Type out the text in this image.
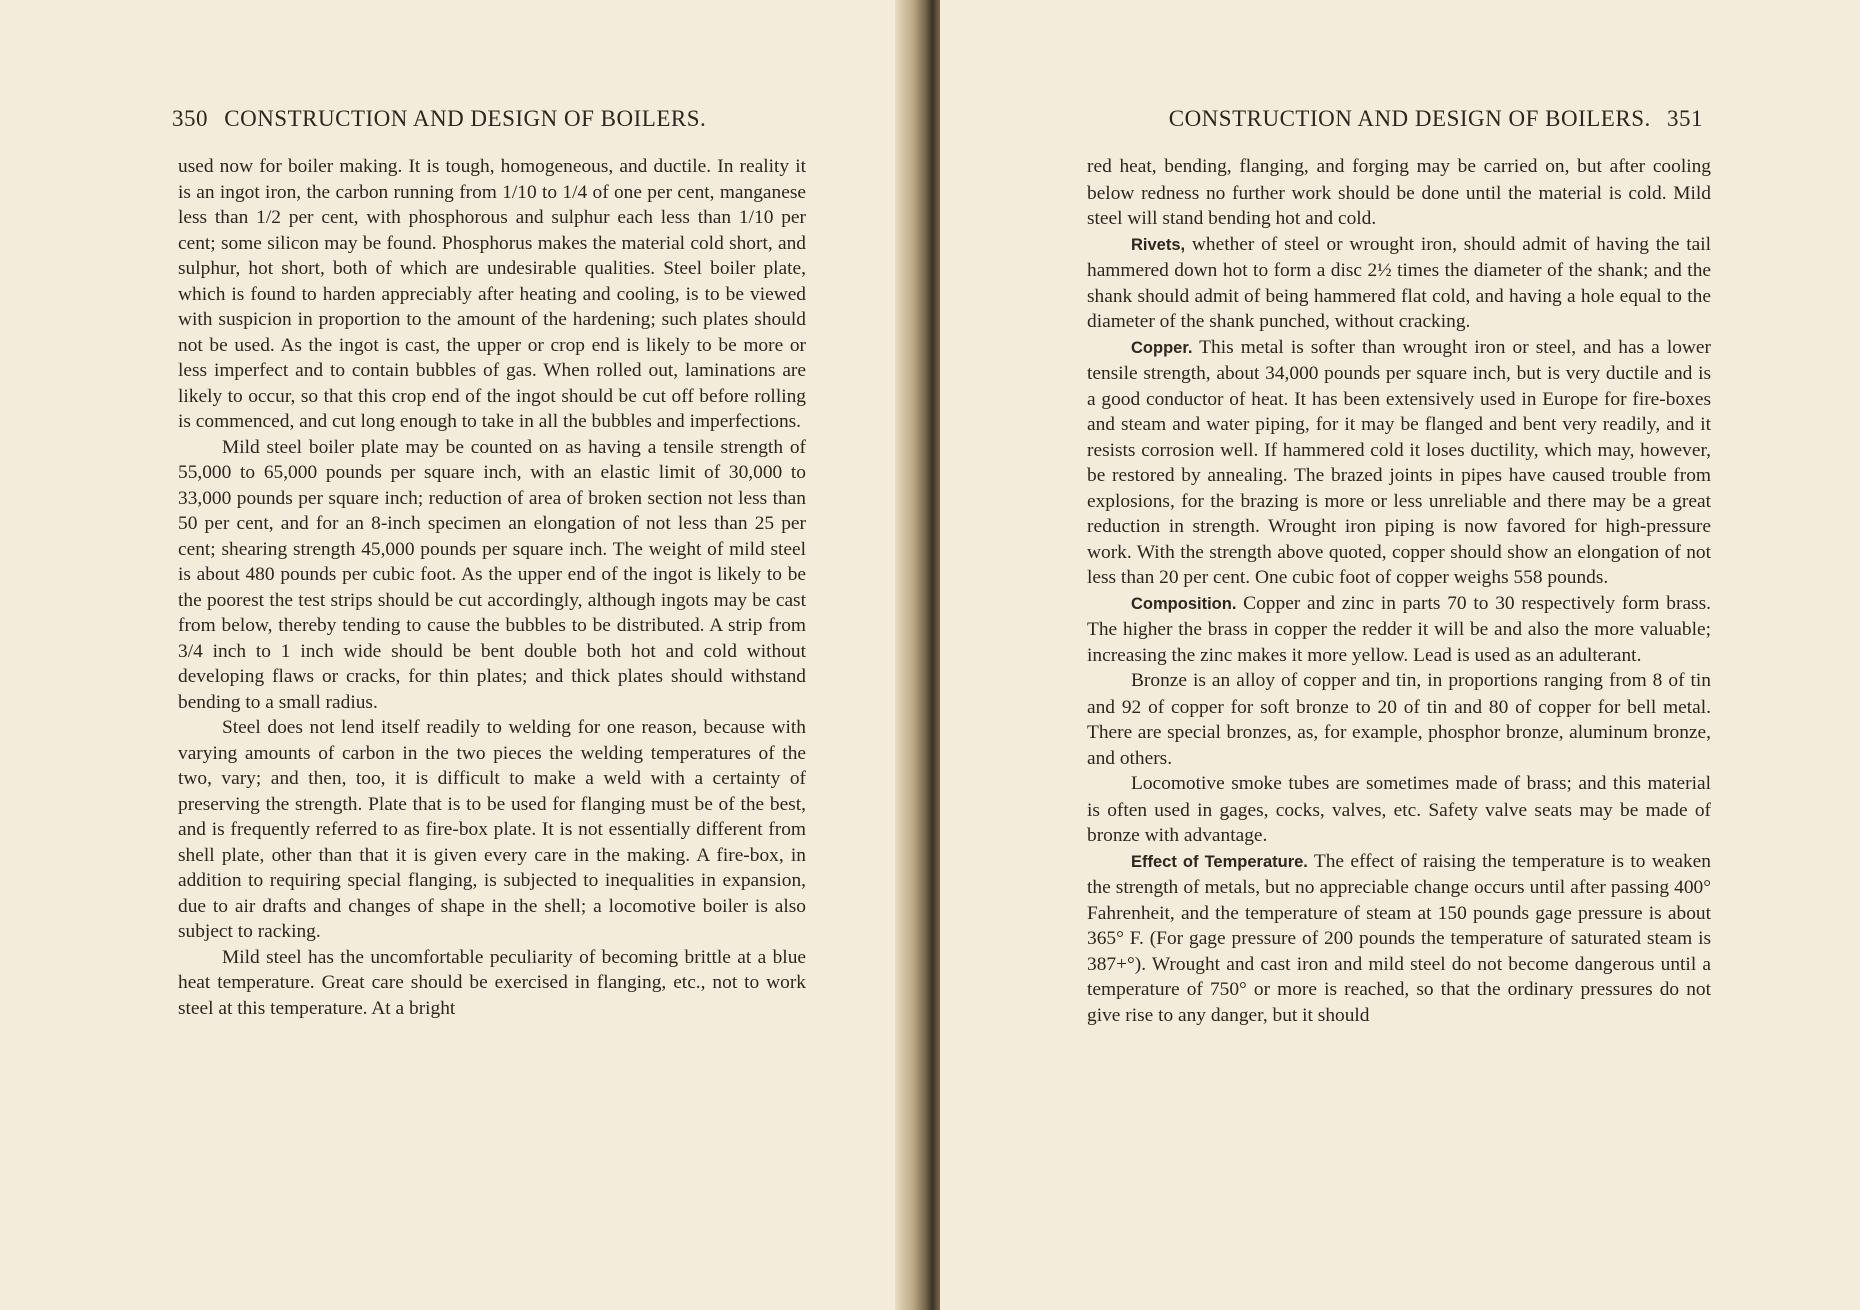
350 CONSTRUCTION AND DESIGN OF BOILERS.

used now for boiler making. It is tough, homogeneous, and ductile. In reality it is an ingot iron, the carbon running from 1/10 to 1/4 of one per cent, manganese less than 1/2 per cent, with phosphorous and sulphur each less than 1/10 per cent; some silicon may be found. Phosphorus makes the material cold short, and sulphur, hot short, both of which are undesirable qualities. Steel boiler plate, which is found to harden appreciably after heating and cooling, is to be viewed with suspicion in proportion to the amount of the hardening; such plates should not be used. As the ingot is cast, the upper or crop end is likely to be more or less imperfect and to contain bubbles of gas. When rolled out, laminations are likely to occur, so that this crop end of the ingot should be cut off before rolling is commenced, and cut long enough to take in all the bubbles and imperfections.

Mild steel boiler plate may be counted on as having a tensile strength of 55,000 to 65,000 pounds per square inch, with an elastic limit of 30,000 to 33,000 pounds per square inch; reduction of area of broken section not less than 50 per cent, and for an 8-inch specimen an elongation of not less than 25 per cent; shearing strength 45,000 pounds per square inch. The weight of mild steel is about 480 pounds per cubic foot. As the upper end of the ingot is likely to be the poorest the test strips should be cut accordingly, although ingots may be cast from below, thereby tending to cause the bubbles to be distributed. A strip from 3/4 inch to 1 inch wide should be bent double both hot and cold without developing flaws or cracks, for thin plates; and thick plates should withstand bending to a small radius.

Steel does not lend itself readily to welding for one reason, because with varying amounts of carbon in the two pieces the welding temperatures of the two, vary; and then, too, it is difficult to make a weld with a certainty of preserving the strength. Plate that is to be used for flanging must be of the best, and is frequently referred to as fire-box plate. It is not essentially different from shell plate, other than that it is given every care in the making. A fire-box, in addition to requiring special flanging, is subjected to inequalities in expansion, due to air drafts and changes of shape in the shell; a locomotive boiler is also subject to racking.

Mild steel has the uncomfortable peculiarity of becoming brittle at a blue heat temperature. Great care should be exercised in flanging, etc., not to work steel at this temperature. At a bright

CONSTRUCTION AND DESIGN OF BOILERS. 351

red heat, bending, flanging, and forging may be carried on, but after cooling below redness no further work should be done until the material is cold. Mild steel will stand bending hot and cold.

Rivets, whether of steel or wrought iron, should admit of having the tail hammered down hot to form a disc 2½ times the diameter of the shank; and the shank should admit of being hammered flat cold, and having a hole equal to the diameter of the shank punched, without cracking.

Copper. This metal is softer than wrought iron or steel, and has a lower tensile strength, about 34,000 pounds per square inch, but is very ductile and is a good conductor of heat. It has been extensively used in Europe for fire-boxes and steam and water piping, for it may be flanged and bent very readily, and it resists corrosion well. If hammered cold it loses ductility, which may, however, be restored by annealing. The brazed joints in pipes have caused trouble from explosions, for the brazing is more or less unreliable and there may be a great reduction in strength. Wrought iron piping is now favored for high-pressure work. With the strength above quoted, copper should show an elongation of not less than 20 per cent. One cubic foot of copper weighs 558 pounds.

Composition. Copper and zinc in parts 70 to 30 respectively form brass. The higher the brass in copper the redder it will be and also the more valuable; increasing the zinc makes it more yellow. Lead is used as an adulterant.

Bronze is an alloy of copper and tin, in proportions ranging from 8 of tin and 92 of copper for soft bronze to 20 of tin and 80 of copper for bell metal. There are special bronzes, as, for example, phosphor bronze, aluminum bronze, and others.

Locomotive smoke tubes are sometimes made of brass; and this material is often used in gages, cocks, valves, etc. Safety valve seats may be made of bronze with advantage.

Effect of Temperature. The effect of raising the temperature is to weaken the strength of metals, but no appreciable change occurs until after passing 400° Fahrenheit, and the temperature of steam at 150 pounds gage pressure is about 365° F. (For gage pressure of 200 pounds the temperature of saturated steam is 387+°). Wrought and cast iron and mild steel do not become dangerous until a temperature of 750° or more is reached, so that the ordinary pressures do not give rise to any danger, but it should
